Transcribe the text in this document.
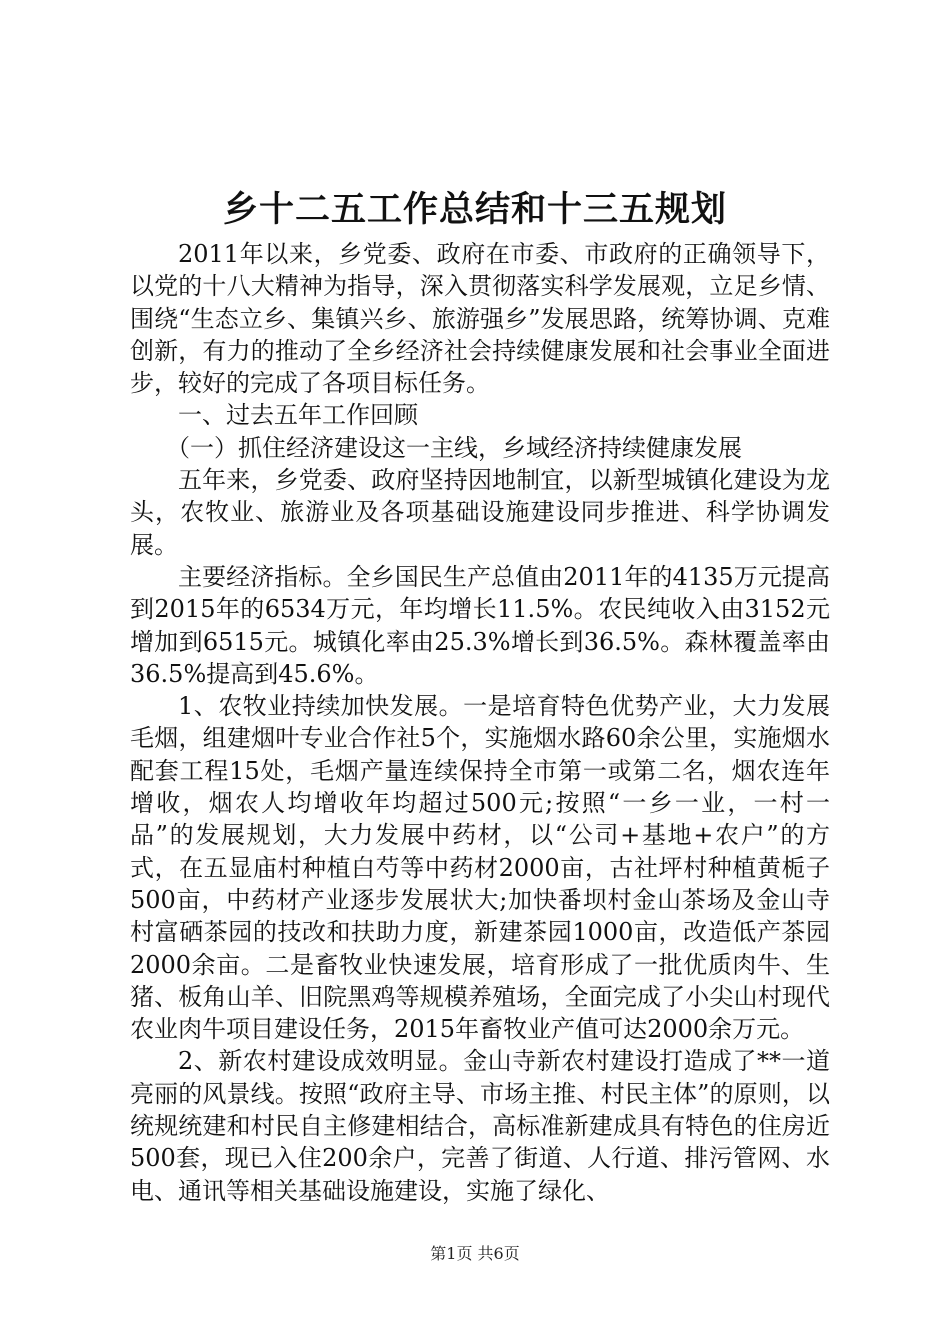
乡十二五工作总结和十三五规划

2011年以来，乡党委、政府在市委、市政府的正确领导下，以党的十八大精神为指导，深入贯彻落实科学发展观，立足乡情、围绕“生态立乡、集镇兴乡、旅游强乡”发展思路，统筹协调、克难创新，有力的推动了全乡经济社会持续健康发展和社会事业全面进步，较好的完成了各项目标任务。

一、过去五年工作回顾

（一）抓住经济建设这一主线，乡域经济持续健康发展

五年来，乡党委、政府坚持因地制宜，以新型城镇化建设为龙头，农牧业、旅游业及各项基础设施建设同步推进、科学协调发展。

主要经济指标。全乡国民生产总值由2011年的4135万元提高到2015年的6534万元，年均增长11.5%。农民纯收入由3152元增加到6515元。城镇化率由25.3%增长到36.5%。森林覆盖率由36.5%提高到45.6%。

1、农牧业持续加快发展。一是培育特色优势产业，大力发展毛烟，组建烟叶专业合作社5个，实施烟水路60余公里，实施烟水配套工程15处，毛烟产量连续保持全市第一或第二名，烟农连年增收，烟农人均增收年均超过500元;按照“一乡一业，一村一品”的发展规划，大力发展中药材，以“公司+基地+农户”的方式，在五显庙村种植白芍等中药材2000亩，古社坪村种植黄栀子500亩，中药材产业逐步发展状大;加快番坝村金山茶场及金山寺村富硒茶园的技改和扶助力度，新建茶园1000亩，改造低产茶园2000余亩。二是畜牧业快速发展，培育形成了一批优质肉牛、生猪、板角山羊、旧院黑鸡等规模养殖场，全面完成了小尖山村现代农业肉牛项目建设任务，2015年畜牧业产值可达2000余万元。

2、新农村建设成效明显。金山寺新农村建设打造成了**一道亮丽的风景线。按照“政府主导、市场主推、村民主体”的原则，以统规统建和村民自主修建相结合，高标准新建成具有特色的住房近500套，现已入住200余户，完善了街道、人行道、排污管网、水电、通讯等相关基础设施建设，实施了绿化、

第1页 共6页
